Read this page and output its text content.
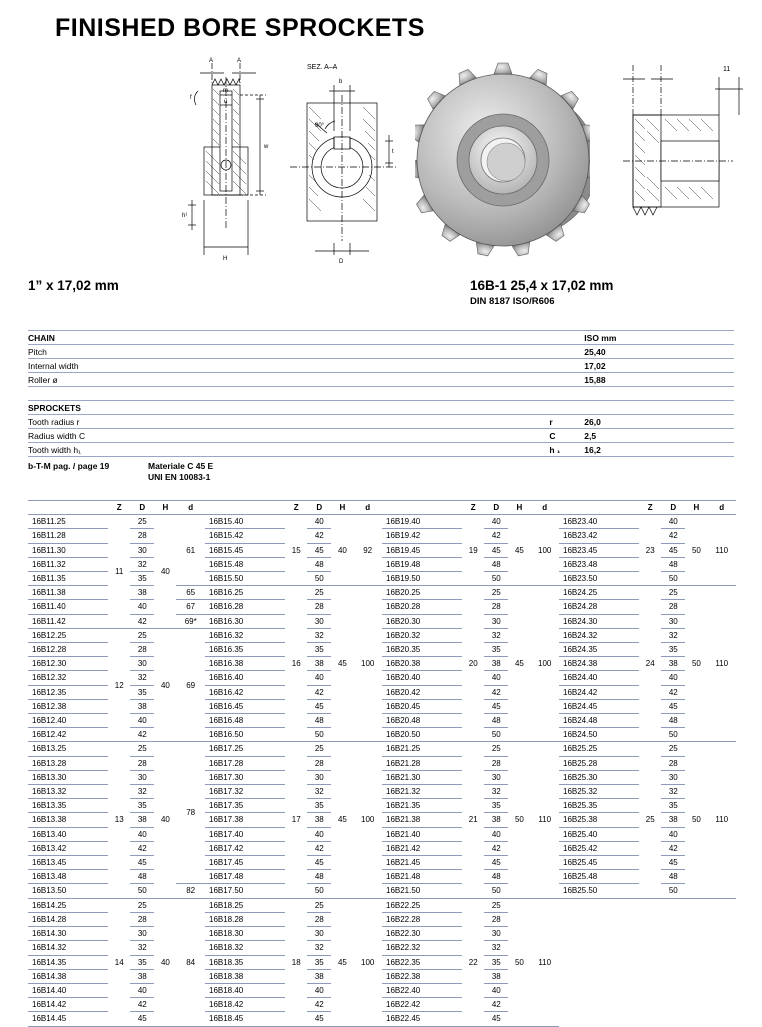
FINISHED BORE SPROCKETS
A	A
f
m
u
w
h¹
H
SEZ. A–A
b
t
90°
D
11
1” x 17,02 mm	16B-1 25,4 x 17,02 mm
DIN 8187 ISO/R606
CHAIN			ISO mm
Pitch			25,40
Internal width			17,02
Roller ø			15,88

SPROCKETS			
Tooth radius r		r	26,0
Radius width C		C	2,5
Tooth width h₁		h ₁	16,2
b-T-M pag. / page 19	Materiale C 45 E
UNI EN 10083-1
	Z	D	H	d
16B11.25	11	25	40	61
16B11.28		28		
16B11.30		30		
16B11.32		32		
16B11.35		35		
16B11.38		38		65
16B11.40		40		67
16B11.42		42		69*
16B12.25	12	25	40	69
16B12.28		28		
16B12.30		30		
16B12.32		32		
16B12.35		35		
16B12.38		38		
16B12.40		40		
16B12.42		42		
16B13.25	13	25	40	78
16B13.28		28		
16B13.30		30		
16B13.32		32		
16B13.35		35		
16B13.38		38		
16B13.40		40		
16B13.42		42		
16B13.45		45		
16B13.48		48		
16B13.50		50		82
16B14.25	14	25	40	84
16B14.28		28		
16B14.30		30		
16B14.32		32		
16B14.35		35		
16B14.38		38		
16B14.40		40		
16B14.42		42		
16B14.45		45		
	Z	D	H	d
16B15.40	15	40	40	92
16B15.42		42		
16B15.45		45		
16B15.48		48		
16B15.50		50		
16B16.25	16	25	45	100
16B16.28		28		
16B16.30		30		
16B16.32		32		
16B16.35		35		
16B16.38		38		
16B16.40		40		
16B16.42		42		
16B16.45		45		
16B16.48		48		
16B16.50		50		
16B17.25	17	25	45	100
16B17.28		28		
16B17.30		30		
16B17.32		32		
16B17.35		35		
16B17.38		38		
16B17.40		40		
16B17.42		42		
16B17.45		45		
16B17.48		48		
16B17.50		50		
16B18.25	18	25	45	100
16B18.28		28		
16B18.30		30		
16B18.32		32		
16B18.35		35		
16B18.38		38		
16B18.40		40		
16B18.42		42		
16B18.45		45		
	Z	D	H	d
16B19.40	19	40	45	100
16B19.42		42		
16B19.45		45		
16B19.48		48		
16B19.50		50		
16B20.25	20	25	45	100
16B20.28		28		
16B20.30		30		
16B20.32		32		
16B20.35		35		
16B20.38		38		
16B20.40		40		
16B20.42		42		
16B20.45		45		
16B20.48		48		
16B20.50		50		
16B21.25	21	25	50	110
16B21.28		28		
16B21.30		30		
16B21.32		32		
16B21.35		35		
16B21.38		38		
16B21.40		40		
16B21.42		42		
16B21.45		45		
16B21.48		48		
16B21.50		50		
16B22.25	22	25	50	110
16B22.28		28		
16B22.30		30		
16B22.32		32		
16B22.35		35		
16B22.38		38		
16B22.40		40		
16B22.42		42		
16B22.45		45		
	Z	D	H	d
16B23.40	23	40	50	110
16B23.42		42		
16B23.45		45		
16B23.48		48		
16B23.50		50		
16B24.25	24	25	50	110
16B24.28		28		
16B24.30		30		
16B24.32		32		
16B24.35		35		
16B24.38		38		
16B24.40		40		
16B24.42		42		
16B24.45		45		
16B24.48		48		
16B24.50		50		
16B25.25	25	25	50	110
16B25.28		28		
16B25.30		30		
16B25.32		32		
16B25.35		35		
16B25.38		38		
16B25.40		40		
16B25.42		42		
16B25.45		45		
16B25.48		48		
16B25.50		50		
